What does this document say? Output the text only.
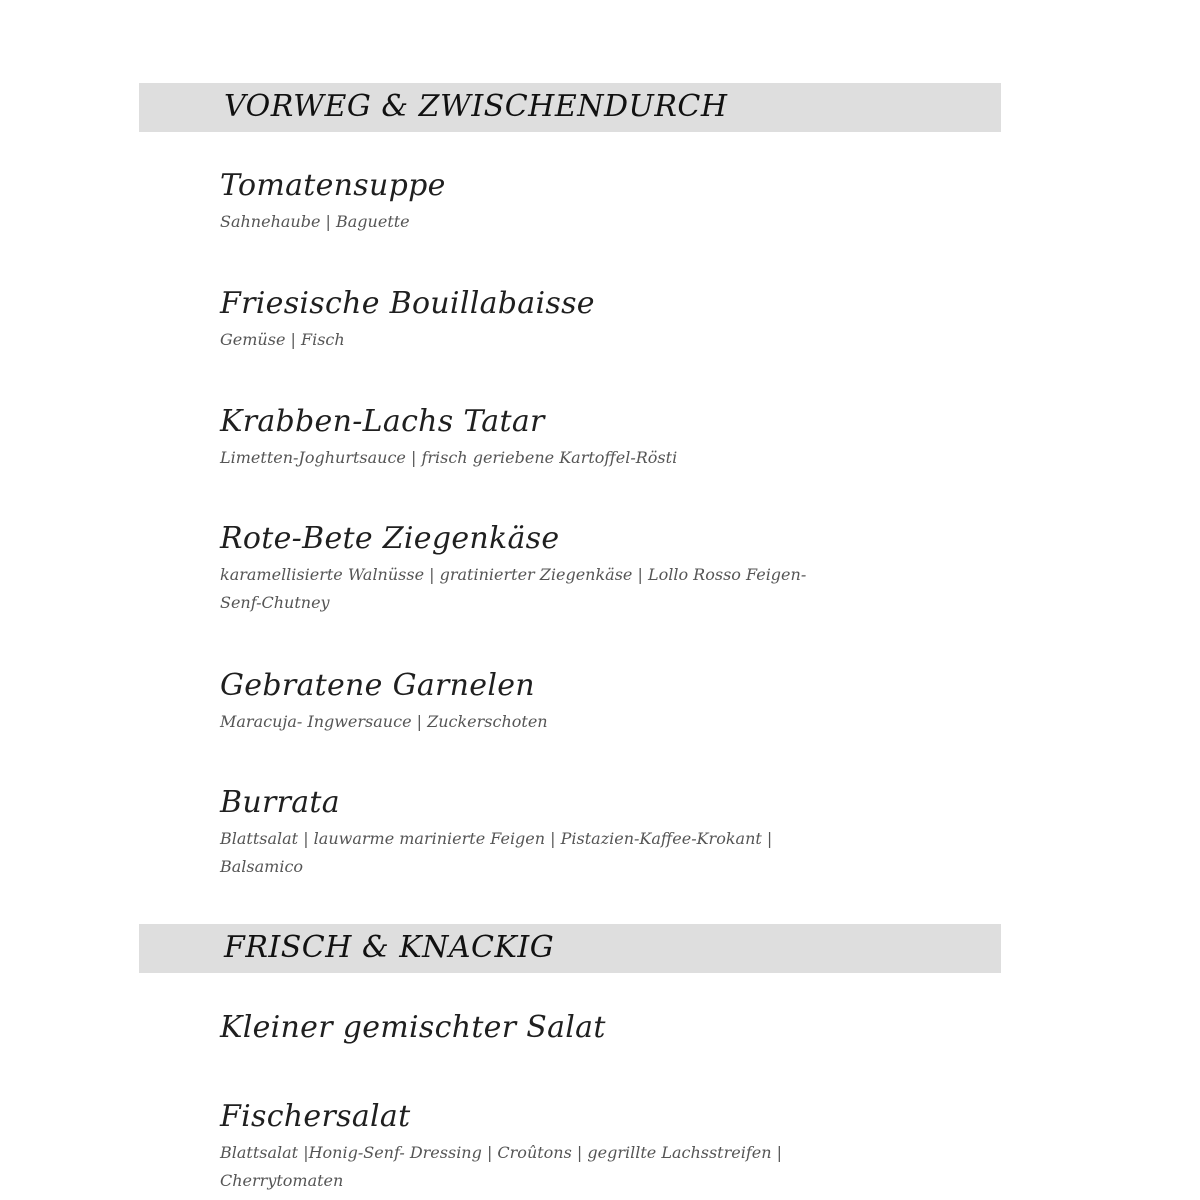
VORWEG & ZWISCHENDURCH
Tomatensuppe
Sahnehaube | Baguette
Friesische Bouillabaisse
Gemüse | Fisch
Krabben-Lachs Tatar
Limetten-Joghurtsauce | frisch geriebene Kartoffel-Rösti
Rote-Bete Ziegenkäse
karamellisierte Walnüsse | gratinierter Ziegenkäse | Lollo Rosso Feigen-Senf-Chutney
Gebratene Garnelen
Maracuja- Ingwersauce | Zuckerschoten
Burrata
Blattsalat | lauwarme marinierte Feigen | Pistazien-Kaffee-Krokant | Balsamico
FRISCH & KNACKIG
Kleiner gemischter Salat
Fischersalat
Blattsalat |Honig-Senf- Dressing | Croûtons | gegrillte Lachsstreifen | Cherrytomaten
